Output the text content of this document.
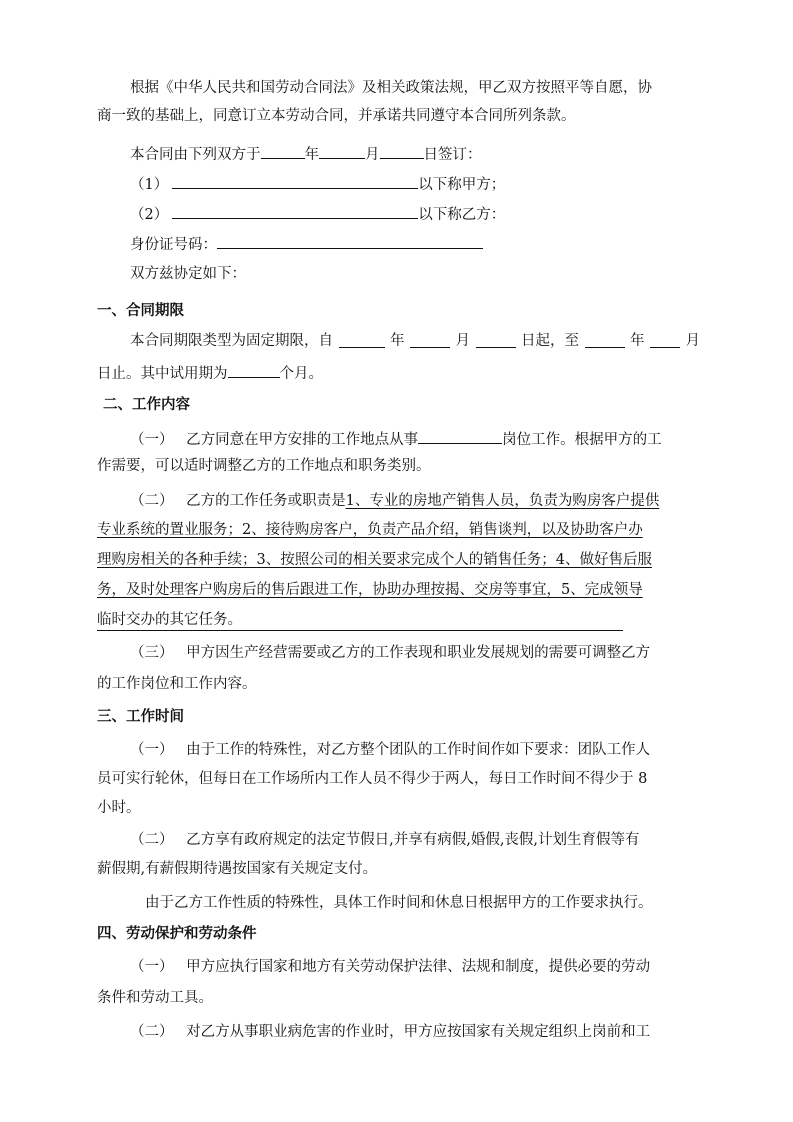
根据《中华人民共和国劳动合同法》及相关政策法规，甲乙双方按照平等自愿，协
商一致的基础上，同意订立本劳动合同，并承诺共同遵守本合同所列条款。
本合同由下列双方于	年	月	日签订：
（1）	以下称甲方；
（2）	以下称乙方：
身份证号码：
双方兹协定如下：
一、合同期限
本合同期限类型为固定期限，自	年	月	日起，至	年	月
日止。其中试用期为	个月。
二、工作内容
（一） 乙方同意在甲方安排的工作地点从事	岗位工作。根据甲方的工
作需要，可以适时调整乙方的工作地点和职务类别。
（二） 乙方的工作任务或职责是1、专业的房地产销售人员，负责为购房客户提供
专业系统的置业服务；2、接待购房客户，负责产品介绍，销售谈判，以及协助客户办
理购房相关的各种手续；3、按照公司的相关要求完成个人的销售任务；4、做好售后服
务，及时处理客户购房后的售后跟进工作，协助办理按揭、交房等事宜，5、完成领导
临时交办的其它任务。
（三） 甲方因生产经营需要或乙方的工作表现和职业发展规划的需要可调整乙方
的工作岗位和工作内容。
三、工作时间
（一） 由于工作的特殊性，对乙方整个团队的工作时间作如下要求：团队工作人
员可实行轮休，但每日在工作场所内工作人员不得少于两人，每日工作时间不得少于 8
小时。
（二） 乙方享有政府规定的法定节假日,并享有病假,婚假,丧假,计划生育假等有
薪假期,有薪假期待遇按国家有关规定支付。
由于乙方工作性质的特殊性，具体工作时间和休息日根据甲方的工作要求执行。
四、劳动保护和劳动条件
（一） 甲方应执行国家和地方有关劳动保护法律、法规和制度，提供必要的劳动
条件和劳动工具。
（二） 对乙方从事职业病危害的作业时，甲方应按国家有关规定组织上岗前和工
